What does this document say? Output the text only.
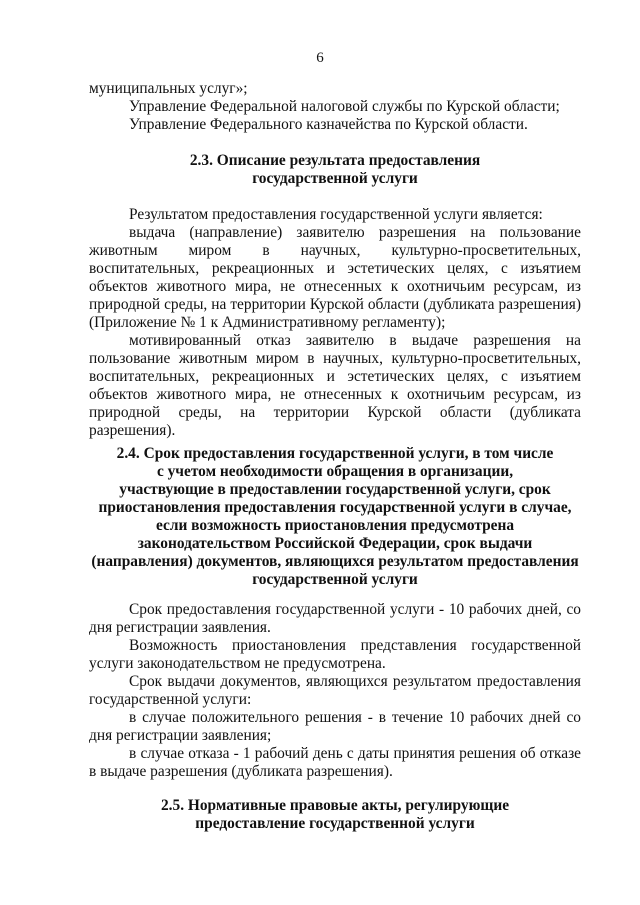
6

муниципальных услуг»;

Управление Федеральной налоговой службы по Курской области;

Управление Федерального казначейства по Курской области.

2.3. Описание результата предоставления
государственной услуги

Результатом предоставления государственной услуги является:

выдача (направление) заявителю разрешения на пользование

животным миром в научных, культурно-просветительных,

воспитательных, рекреационных и эстетических целях, с изъятием

объектов животного мира, не отнесенных к охотничьим ресурсам, из

природной среды, на территории Курской области (дубликата разрешения)

(Приложение № 1 к Административному регламенту);

мотивированный отказ заявителю в выдаче разрешения на

пользование животным миром в научных, культурно-просветительных,

воспитательных, рекреационных и эстетических целях, с изъятием

объектов животного мира, не отнесенных к охотничьим ресурсам, из

природной среды, на территории Курской области (дубликата

разрешения).

2.4. Срок предоставления государственной услуги, в том числе
с учетом необходимости обращения в организации,
участвующие в предоставлении государственной услуги, срок
приостановления предоставления государственной услуги в случае,
если возможность приостановления предусмотрена
законодательством Российской Федерации, срок выдачи
(направления) документов, являющихся результатом предоставления
государственной услуги

Срок предоставления государственной услуги - 10 рабочих дней, со

дня регистрации заявления.

Возможность приостановления представления государственной

услуги законодательством не предусмотрена.

Срок выдачи документов, являющихся результатом предоставления

государственной услуги:

в случае положительного решения - в течение 10 рабочих дней со

дня регистрации заявления;

в случае отказа - 1 рабочий день с даты принятия решения об отказе

в выдаче разрешения (дубликата разрешения).

2.5. Нормативные правовые акты, регулирующие
предоставление государственной услуги
